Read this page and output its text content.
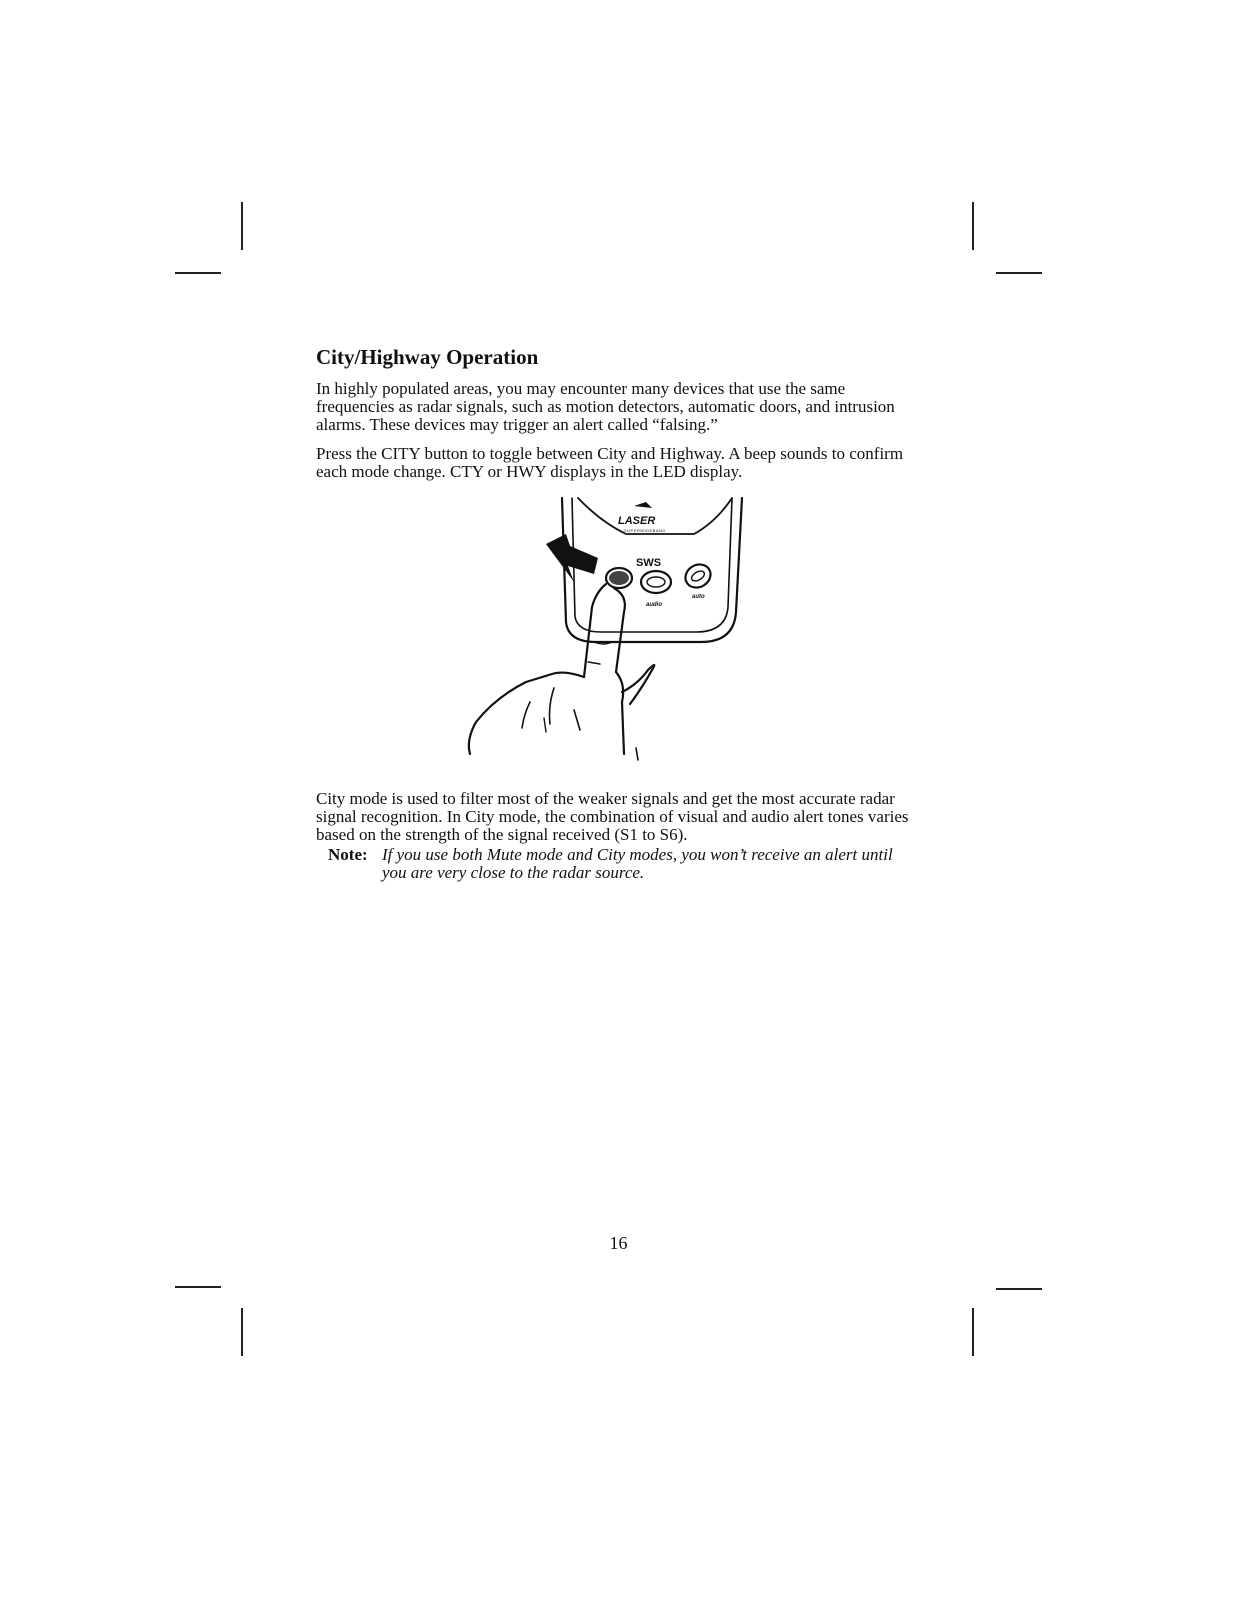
City/Highway Operation

In highly populated areas, you may encounter many devices that use the same frequencies as radar signals, such as motion detectors, automatic doors, and intrusion alarms. These devices may trigger an alert called “falsing.”

Press the CITY button to toggle between City and Highway. A beep sounds to confirm each mode change. CTY or HWY displays in the LED display.

LASER
SUPERWIDEBAND
SWS
audio
auto

City mode is used to filter most of the weaker signals and get the most accurate radar signal recognition. In City mode, the combination of visual and audio alert tones varies based on the strength of the signal received (S1 to S6).

Note: If you use both Mute mode and City modes, you won’t receive an alert until you are very close to the radar source.
16
